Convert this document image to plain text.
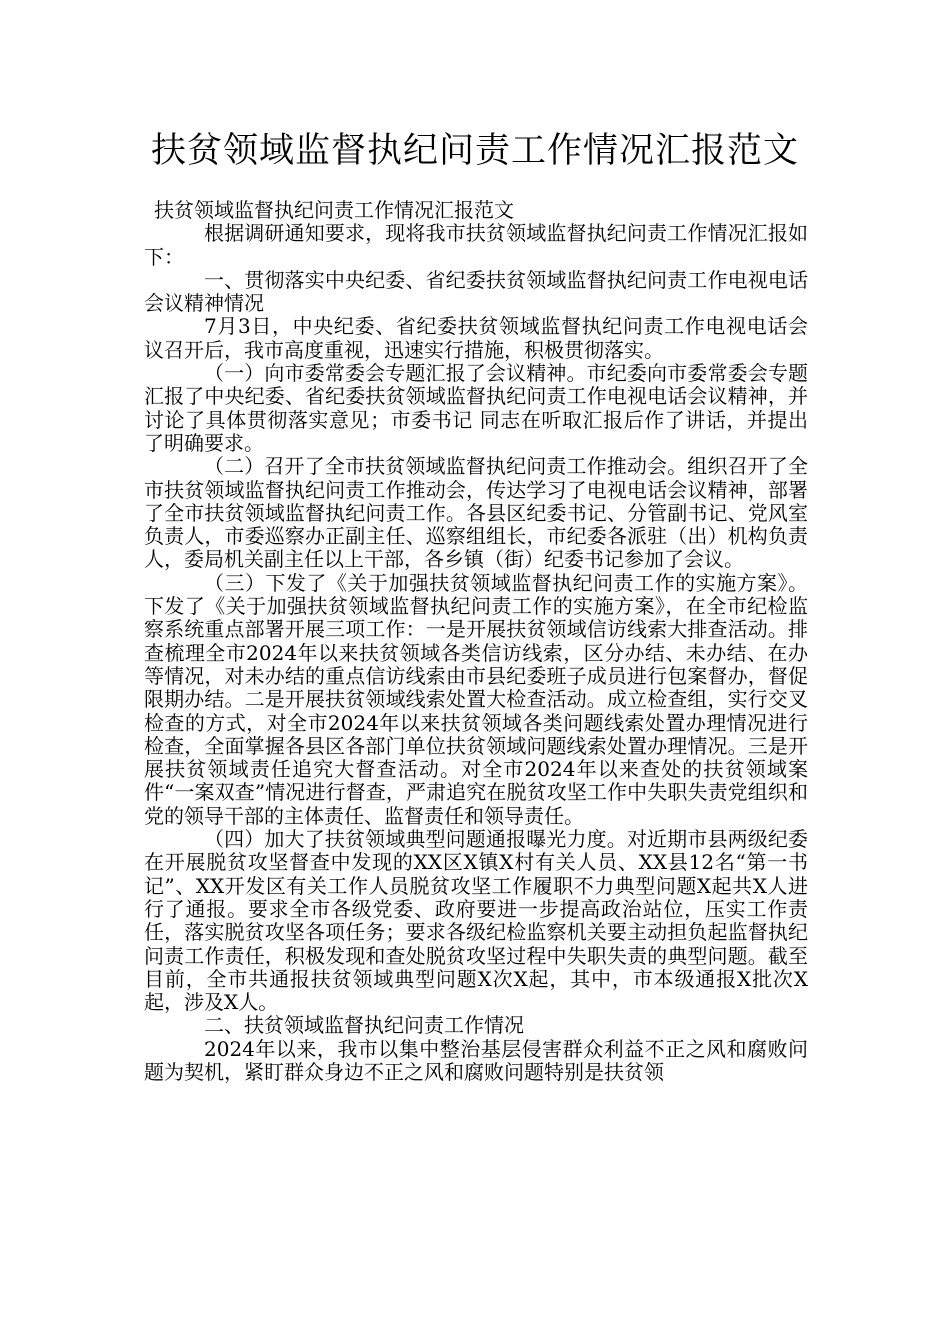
扶贫领域监督执纪问责工作情况汇报范文

扶贫领域监督执纪问责工作情况汇报范文

根据调研通知要求，现将我市扶贫领域监督执纪问责工作情况汇报如下：

一、贯彻落实中央纪委、省纪委扶贫领域监督执纪问责工作电视电话会议精神情况

7月3日，中央纪委、省纪委扶贫领域监督执纪问责工作电视电话会议召开后，我市高度重视，迅速实行措施，积极贯彻落实。

（一）向市委常委会专题汇报了会议精神。市纪委向市委常委会专题汇报了中央纪委、省纪委扶贫领域监督执纪问责工作电视电话会议精神，并讨论了具体贯彻落实意见；市委书记 同志在听取汇报后作了讲话，并提出了明确要求。

（二）召开了全市扶贫领域监督执纪问责工作推动会。组织召开了全市扶贫领域监督执纪问责工作推动会，传达学习了电视电话会议精神，部署了全市扶贫领域监督执纪问责工作。各县区纪委书记、分管副书记、党风室负责人，市委巡察办正副主任、巡察组组长，市纪委各派驻（出）机构负责人，委局机关副主任以上干部，各乡镇（街）纪委书记参加了会议。

（三）下发了《关于加强扶贫领域监督执纪问责工作的实施方案》。下发了《关于加强扶贫领域监督执纪问责工作的实施方案》，在全市纪检监察系统重点部署开展三项工作：一是开展扶贫领域信访线索大排查活动。排查梳理全市2024年以来扶贫领域各类信访线索，区分办结、未办结、在办等情况，对未办结的重点信访线索由市县纪委班子成员进行包案督办，督促限期办结。二是开展扶贫领域线索处置大检查活动。成立检查组，实行交叉检查的方式，对全市2024年以来扶贫领域各类问题线索处置办理情况进行检查，全面掌握各县区各部门单位扶贫领域问题线索处置办理情况。三是开展扶贫领域责任追究大督查活动。对全市2024年以来查处的扶贫领域案件“一案双查”情况进行督查，严肃追究在脱贫攻坚工作中失职失责党组织和党的领导干部的主体责任、监督责任和领导责任。

（四）加大了扶贫领域典型问题通报曝光力度。对近期市县两级纪委在开展脱贫攻坚督查中发现的XX区X镇X村有关人员、XX县12名“第一书记”、XX开发区有关工作人员脱贫攻坚工作履职不力典型问题X起共X人进行了通报。要求全市各级党委、政府要进一步提高政治站位，压实工作责任，落实脱贫攻坚各项任务；要求各级纪检监察机关要主动担负起监督执纪问责工作责任，积极发现和查处脱贫攻坚过程中失职失责的典型问题。截至目前，全市共通报扶贫领域典型问题X次X起，其中，市本级通报X批次X起，涉及X人。

二、扶贫领域监督执纪问责工作情况

2024年以来，我市以集中整治基层侵害群众利益不正之风和腐败问题为契机，紧盯群众身边不正之风和腐败问题特别是扶贫领
